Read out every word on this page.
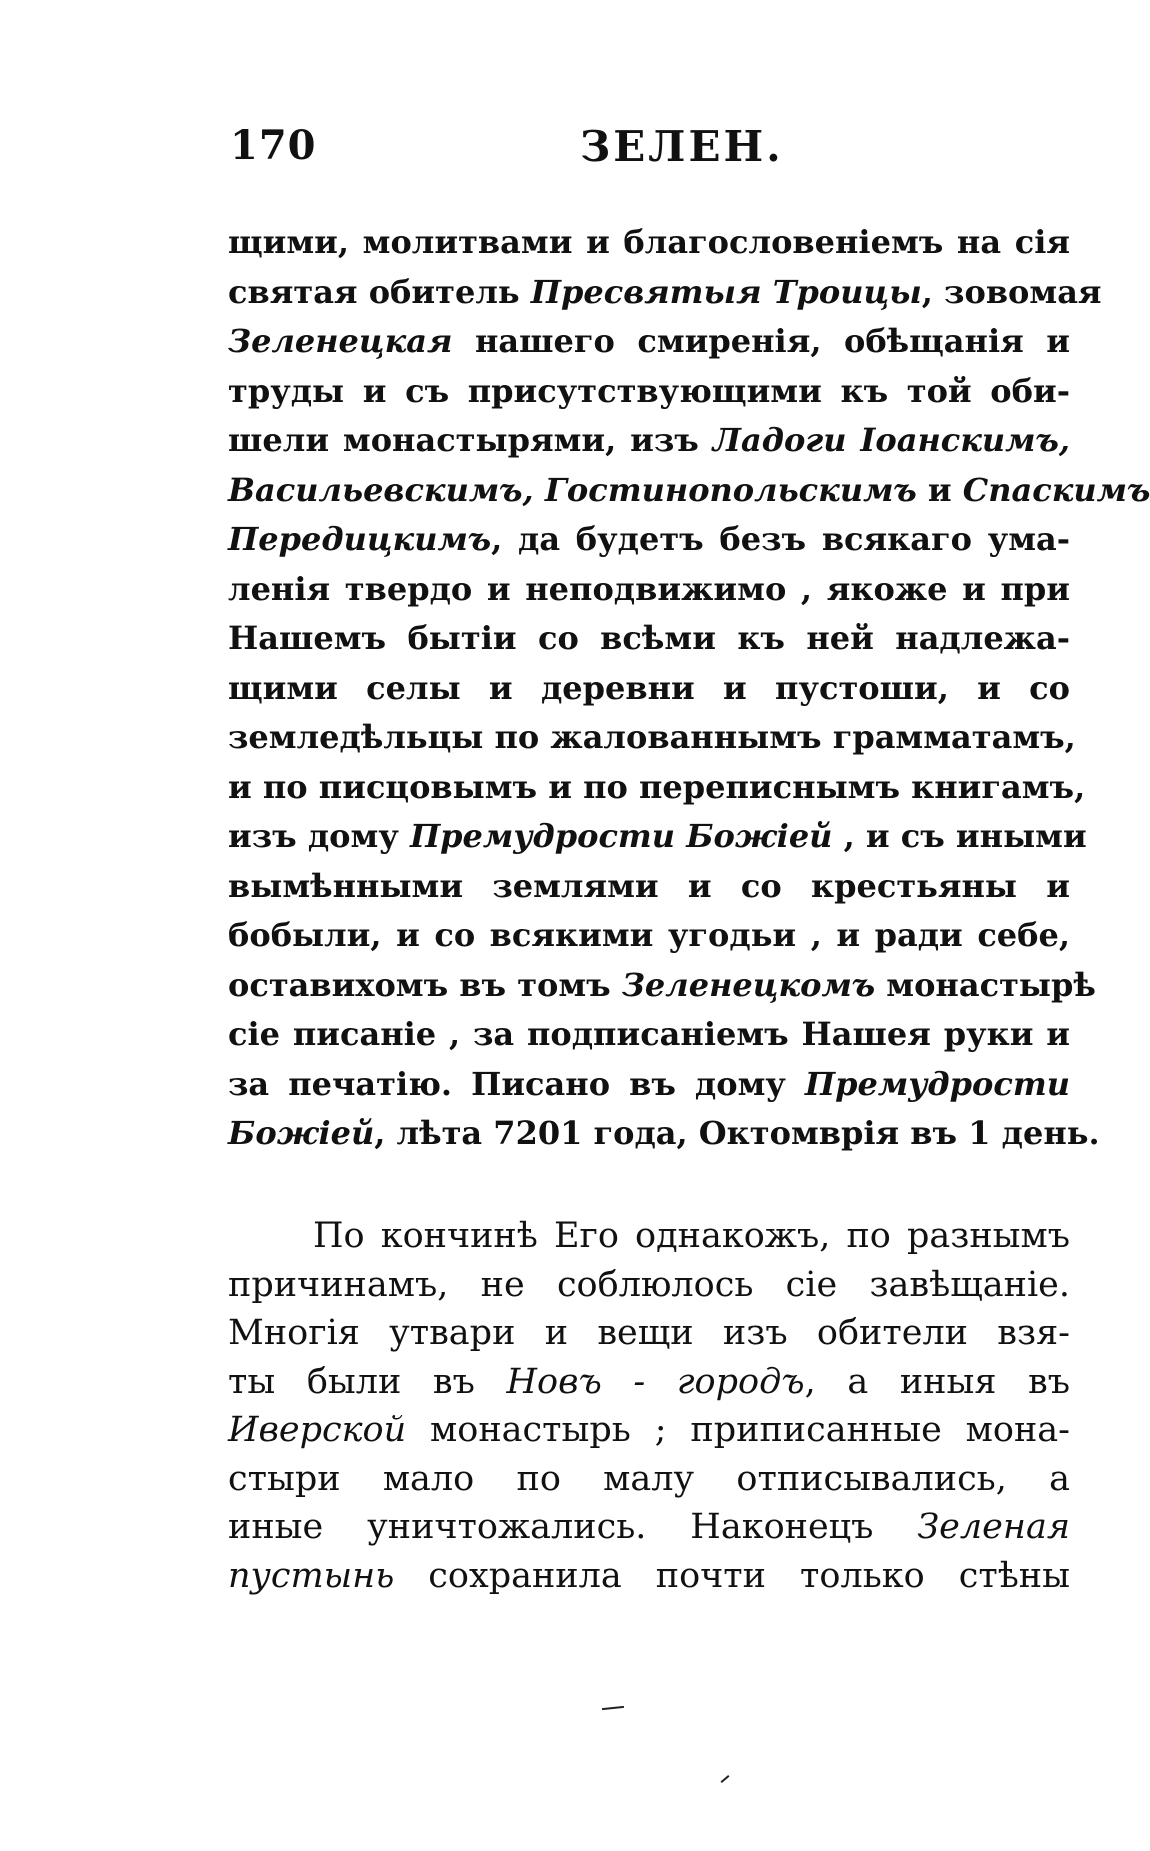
170	ЗЕЛЕН.
щими, молитвами и благословеніемъ на сія
святая обитель Пресвятыя Троицы, зовомая
Зеленецкая нашего смиренія, обѣщанія и
труды и съ присутствующими къ той оби-
шели монастырями, изъ Ладоги Іоанскимъ,
Васильевскимъ, Гостинопольскимъ и Спаскимъ
Передицкимъ, да будетъ безъ всякаго ума-
ленія твердо и неподвижимо , якоже и при
Нашемъ бытіи со всѣми къ ней надлежа-
щими селы и деревни и пустоши, и со
земледѣльцы по жалованнымъ грамматамъ,
и по писцовымъ и по переписнымъ книгамъ,
изъ дому Премудрости Божіей , и съ иными
вымѣнными землями и со крестьяны и
бобыли, и со всякими угодьи , и ради себе,
оставихомъ въ томъ Зеленецкомъ монастырѣ
сіе писаніе , за подписаніемъ Нашея руки и
за печатію. Писано въ дому Премудрости
Божіей, лѣта 7201 года, Октомврія въ 1 день.
По кончинѣ Его однакожъ, по разнымъ
причинамъ, не соблюлось сіе завѣщаніе.
Многія утвари и вещи изъ обители взя-
ты были въ Новъ - городъ, а иныя въ
Иверской монастырь ; приписанные мона-
стыри мало по малу отписывались, а
иные уничтожались. Наконецъ Зеленая
пустынь сохранила почти только стѣны
